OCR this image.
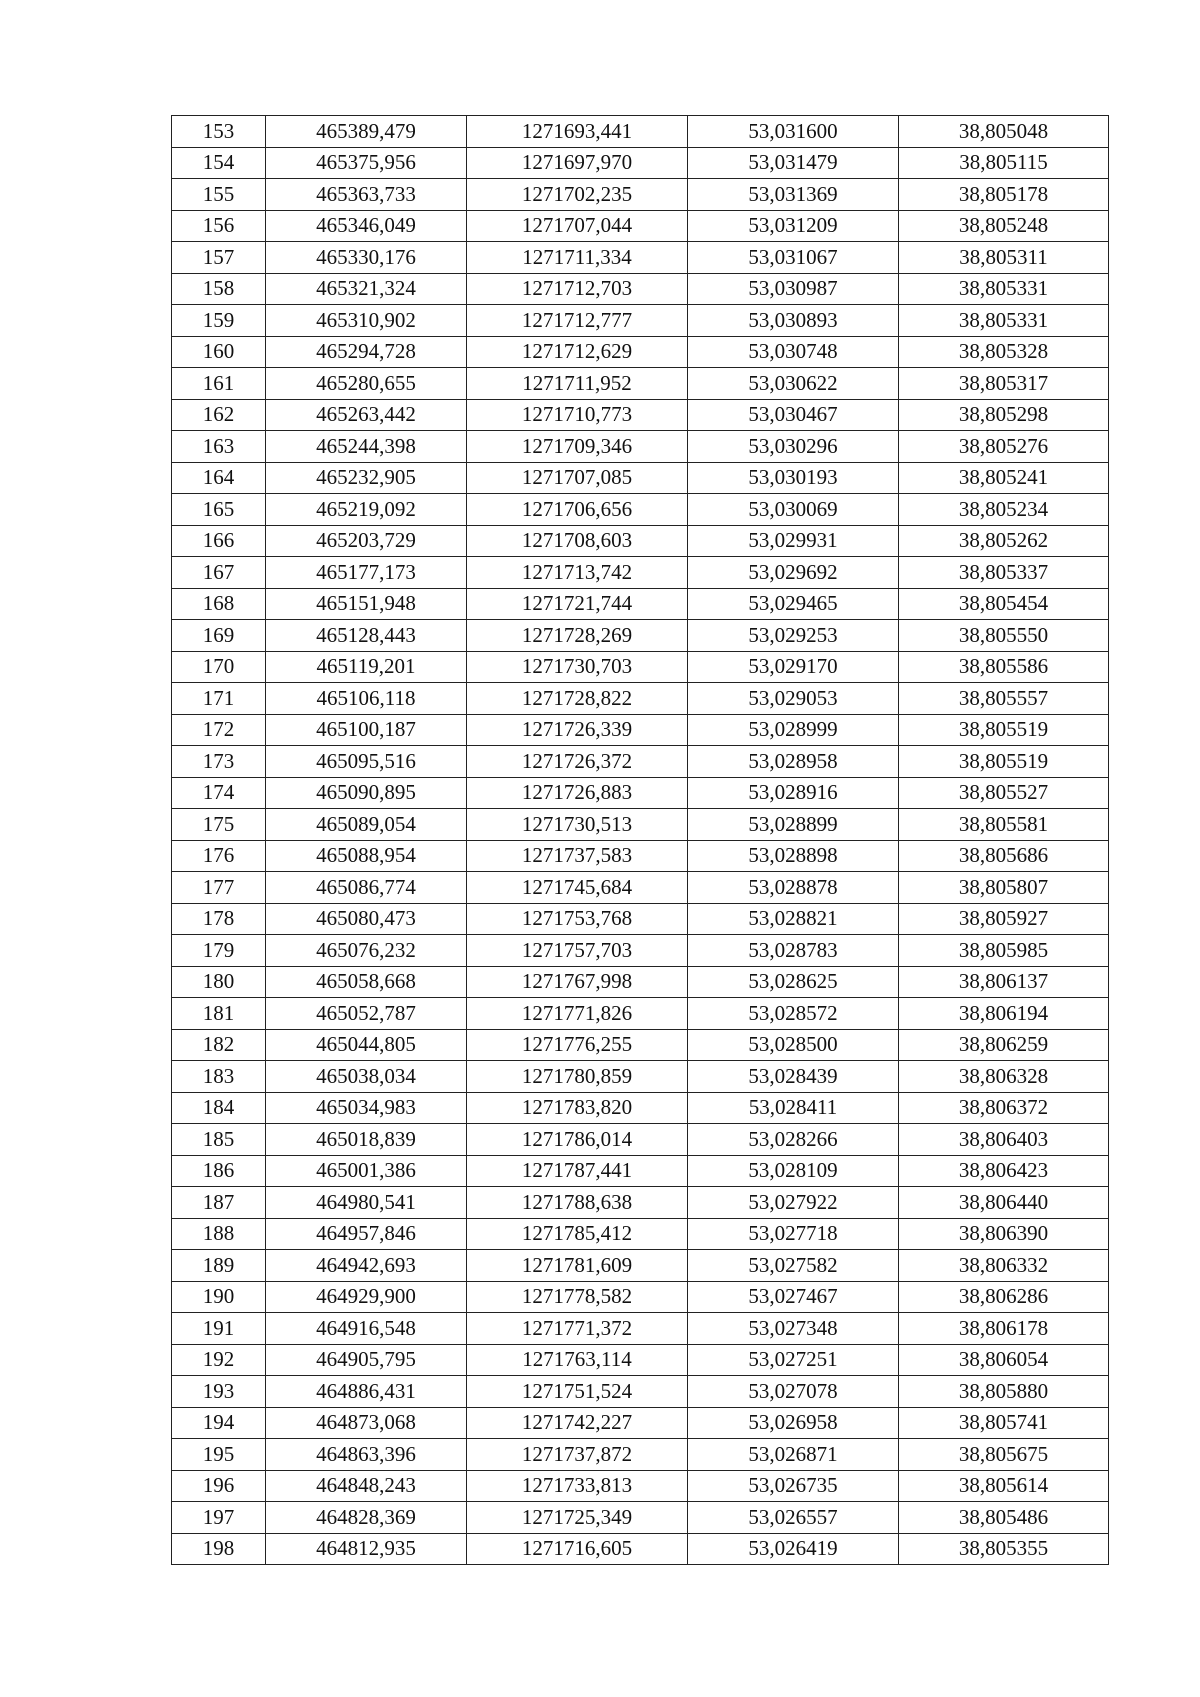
153	465389,479	1271693,441	53,031600	38,805048
154	465375,956	1271697,970	53,031479	38,805115
155	465363,733	1271702,235	53,031369	38,805178
156	465346,049	1271707,044	53,031209	38,805248
157	465330,176	1271711,334	53,031067	38,805311
158	465321,324	1271712,703	53,030987	38,805331
159	465310,902	1271712,777	53,030893	38,805331
160	465294,728	1271712,629	53,030748	38,805328
161	465280,655	1271711,952	53,030622	38,805317
162	465263,442	1271710,773	53,030467	38,805298
163	465244,398	1271709,346	53,030296	38,805276
164	465232,905	1271707,085	53,030193	38,805241
165	465219,092	1271706,656	53,030069	38,805234
166	465203,729	1271708,603	53,029931	38,805262
167	465177,173	1271713,742	53,029692	38,805337
168	465151,948	1271721,744	53,029465	38,805454
169	465128,443	1271728,269	53,029253	38,805550
170	465119,201	1271730,703	53,029170	38,805586
171	465106,118	1271728,822	53,029053	38,805557
172	465100,187	1271726,339	53,028999	38,805519
173	465095,516	1271726,372	53,028958	38,805519
174	465090,895	1271726,883	53,028916	38,805527
175	465089,054	1271730,513	53,028899	38,805581
176	465088,954	1271737,583	53,028898	38,805686
177	465086,774	1271745,684	53,028878	38,805807
178	465080,473	1271753,768	53,028821	38,805927
179	465076,232	1271757,703	53,028783	38,805985
180	465058,668	1271767,998	53,028625	38,806137
181	465052,787	1271771,826	53,028572	38,806194
182	465044,805	1271776,255	53,028500	38,806259
183	465038,034	1271780,859	53,028439	38,806328
184	465034,983	1271783,820	53,028411	38,806372
185	465018,839	1271786,014	53,028266	38,806403
186	465001,386	1271787,441	53,028109	38,806423
187	464980,541	1271788,638	53,027922	38,806440
188	464957,846	1271785,412	53,027718	38,806390
189	464942,693	1271781,609	53,027582	38,806332
190	464929,900	1271778,582	53,027467	38,806286
191	464916,548	1271771,372	53,027348	38,806178
192	464905,795	1271763,114	53,027251	38,806054
193	464886,431	1271751,524	53,027078	38,805880
194	464873,068	1271742,227	53,026958	38,805741
195	464863,396	1271737,872	53,026871	38,805675
196	464848,243	1271733,813	53,026735	38,805614
197	464828,369	1271725,349	53,026557	38,805486
198	464812,935	1271716,605	53,026419	38,805355
